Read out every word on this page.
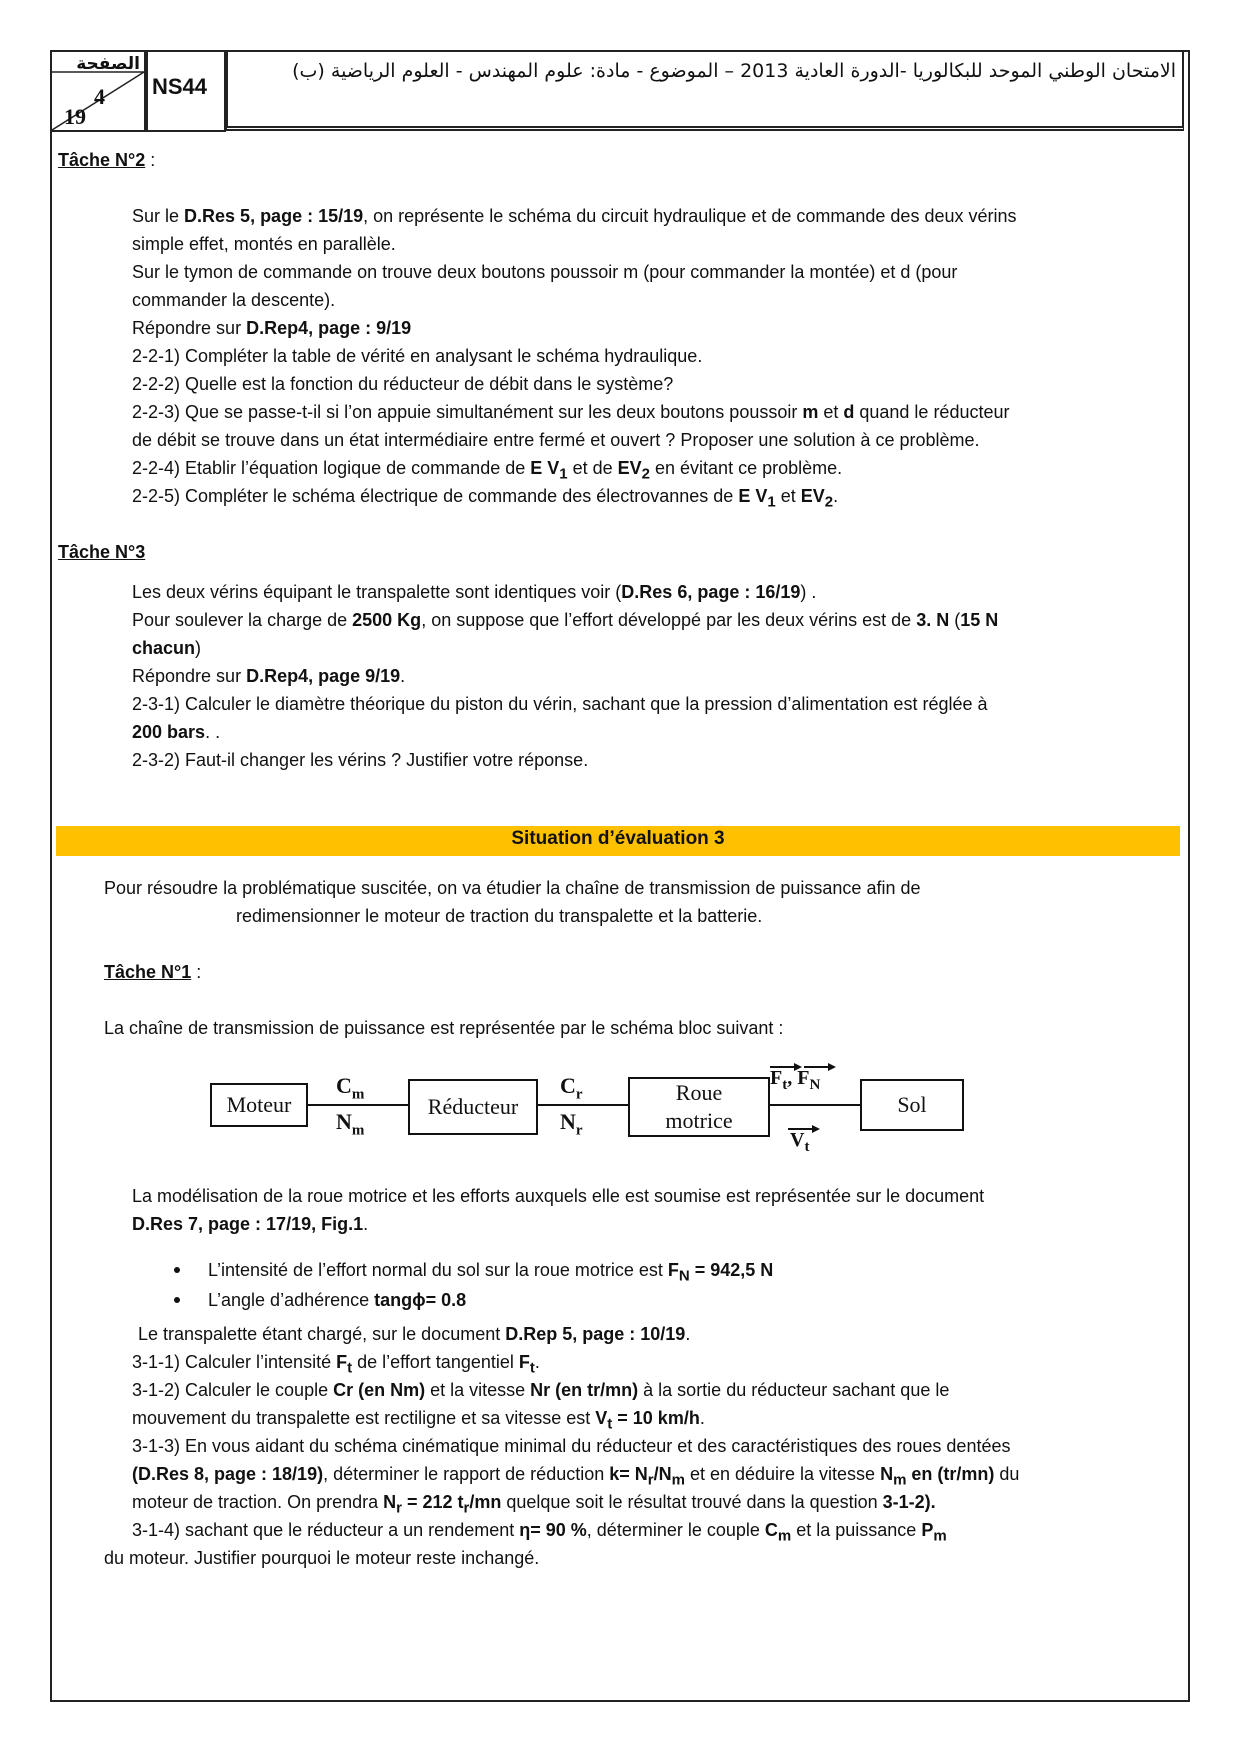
الصفحة
4
19
NS44
الامتحان الوطني الموحد للبكالوريا -الدورة العادية 2013 – الموضوع - مادة: علوم المهندس - العلوم الرياضية (ب)
Tâche N°2 :
Sur le D.Res 5, page : 15/19, on représente le schéma du circuit hydraulique et de commande des deux vérins
simple effet, montés en parallèle.
Sur le tymon de commande on trouve deux boutons poussoir m (pour commander la montée) et d (pour
commander la descente).
Répondre sur D.Rep4, page : 9/19
2-2-1) Compléter la table de vérité en analysant le schéma hydraulique.
2-2-2) Quelle est la fonction du réducteur de débit dans le système?
2-2-3) Que se passe-t-il si l’on appuie simultanément sur les deux boutons poussoir m et d quand le réducteur
de débit se trouve dans un état intermédiaire entre fermé et ouvert ? Proposer une solution à ce problème.
2-2-4) Etablir l’équation logique de commande de E $V_1$ et de $EV_2$ en évitant ce problème.
2-2-5) Compléter le schéma électrique de commande des électrovannes de E $V_1$ et $EV_2$.
Tâche N°3
Les deux vérins équipant le transpalette sont identiques voir (D.Res 6, page : 16/19) .
Pour soulever la charge de 2500 Kg, on suppose que l’effort développé par les deux vérins est de 3. N (15 N
chacun)
Répondre sur D.Rep4, page 9/19.
2-3-1) Calculer le diamètre théorique du piston du vérin, sachant que la pression d’alimentation est réglée à
200 bars. .
2-3-2) Faut-il changer les vérins ? Justifier votre réponse.
Situation d’évaluation 3
Pour résoudre la problématique suscitée, on va étudier la chaîne de transmission de puissance afin de
redimensionner le moteur de traction du transpalette et la batterie.
Tâche N°1 :
La chaîne de transmission de puissance est représentée par le schéma bloc suivant :
Moteur	Réducteur
Roue
motrice
Sol
$C_m$
$N_m$
$C_r$
$N_r$
$F_t$, $F_N$
$V_t$
La modélisation de la roue motrice et les efforts auxquels elle est soumise est représentée sur le document
D.Res 7, page : 17/19, Fig.1.
L’intensité de l’effort normal du sol sur la roue motrice est $F_N = 942,5$ N
L’angle d’adhérence tangϕ= 0.8
Le transpalette étant chargé, sur le document D.Rep 5, page : 10/19.
3-1-1) Calculer l’intensité $F_t$ de l’effort tangentiel $F_t$.
3-1-2) Calculer le couple Cr (en Nm) et la vitesse Nr (en tr/mn) à la sortie du réducteur sachant que le
mouvement du transpalette est rectiligne et sa vitesse est $V_t = 10$ km/h.
3-1-3) En vous aidant du schéma cinématique minimal du réducteur et des caractéristiques des roues dentées
(D.Res 8, page : 18/19), déterminer le rapport de réduction $k= N_r/N_m$ et en déduire la vitesse $N_m$ en (tr/mn) du
moteur de traction. On prendra $N_r = 212$ $t_r/mn$ quelque soit le résultat trouvé dans la question 3-1-2).
3-1-4) sachant que le réducteur a un rendement η= 90 %, déterminer le couple $C_m$ et la puissance $P_m$
du moteur. Justifier pourquoi le moteur reste inchangé.
